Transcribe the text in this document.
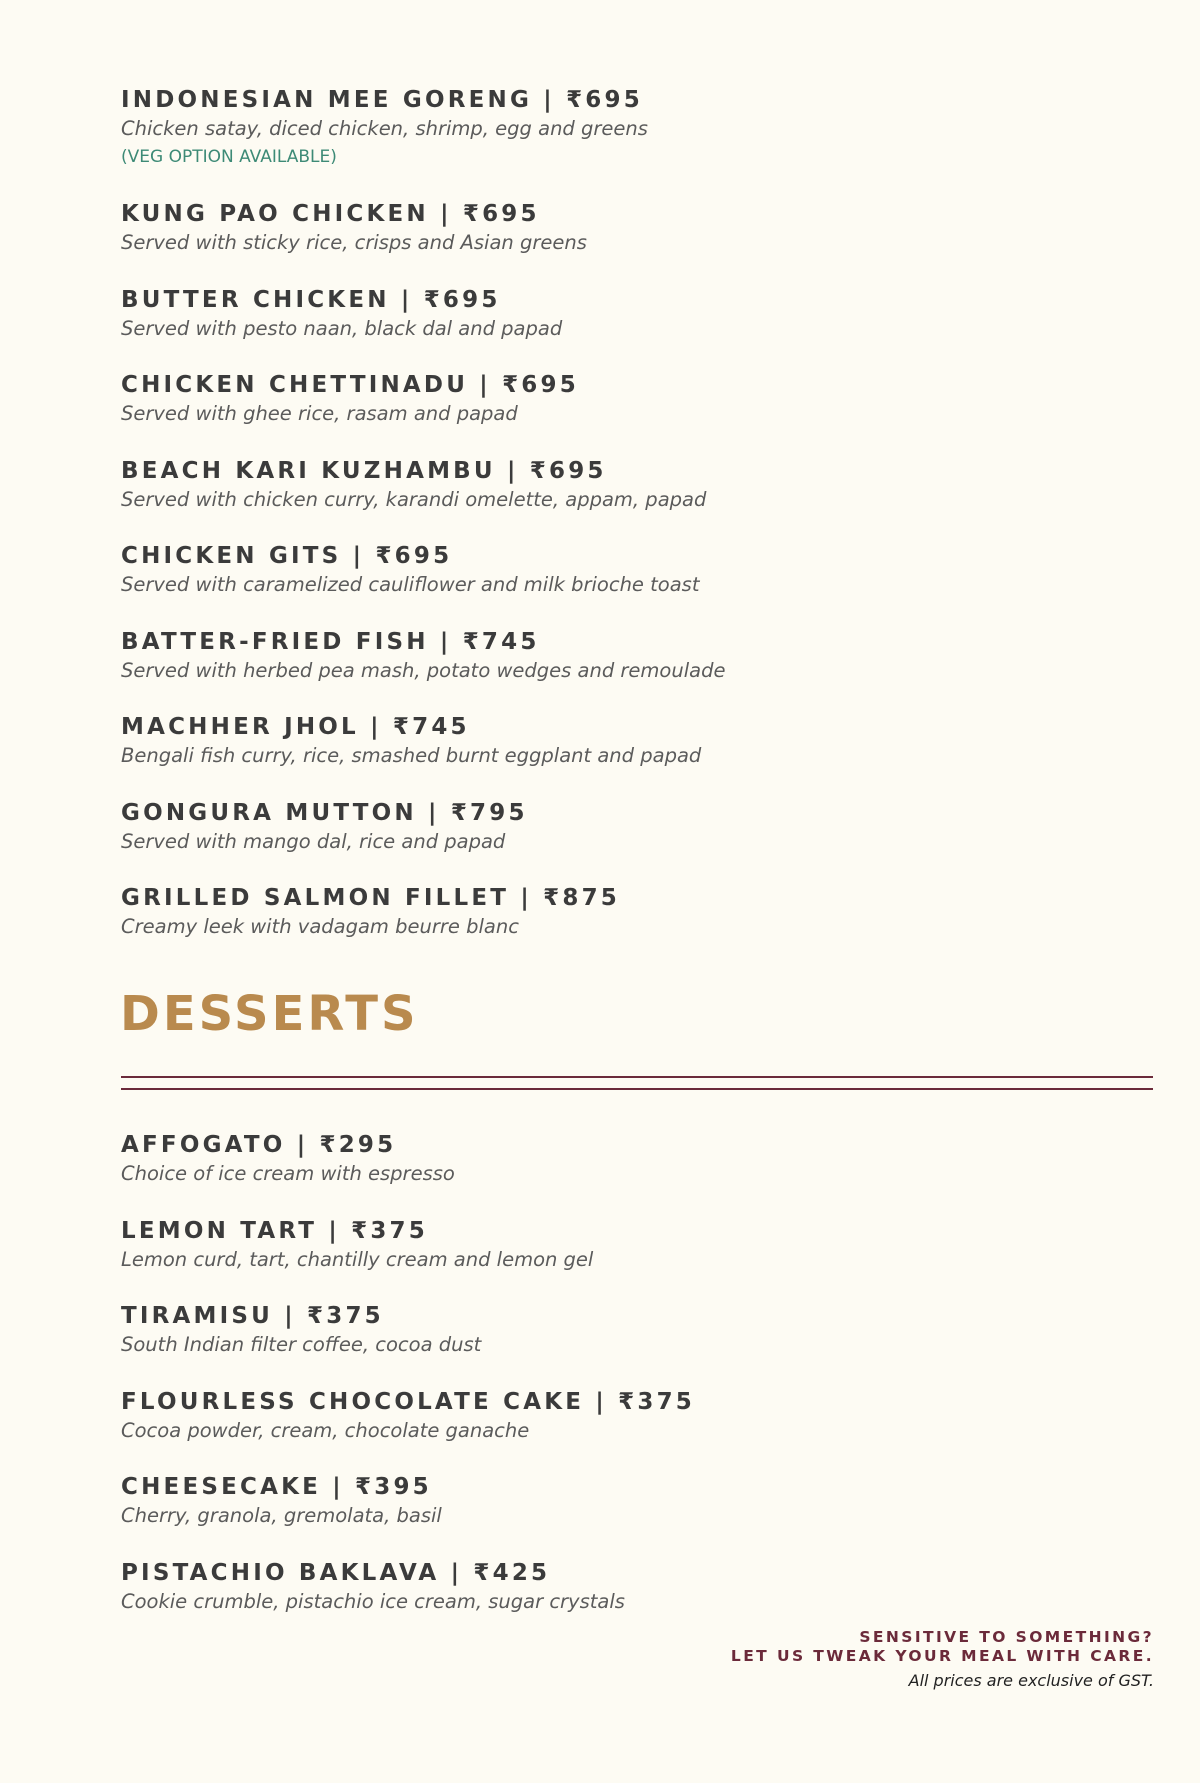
INDONESIAN MEE GORENG | ₹695
Chicken satay, diced chicken, shrimp, egg and greens
(VEG OPTION AVAILABLE)
KUNG PAO CHICKEN | ₹695
Served with sticky rice, crisps and Asian greens
BUTTER CHICKEN | ₹695
Served with pesto naan, black dal and papad
CHICKEN CHETTINADU | ₹695
Served with ghee rice, rasam and papad
BEACH KARI KUZHAMBU | ₹695
Served with chicken curry, karandi omelette, appam, papad
CHICKEN GITS | ₹695
Served with caramelized cauliflower and milk brioche toast
BATTER-FRIED FISH | ₹745
Served with herbed pea mash, potato wedges and remoulade
MACHHER JHOL | ₹745
Bengali fish curry, rice, smashed burnt eggplant and papad
GONGURA MUTTON | ₹795
Served with mango dal, rice and papad
GRILLED SALMON FILLET | ₹875
Creamy leek with vadagam beurre blanc
DESSERTS
AFFOGATO | ₹295
Choice of ice cream with espresso
LEMON TART | ₹375
Lemon curd, tart, chantilly cream and lemon gel
TIRAMISU | ₹375
South Indian filter coffee, cocoa dust
FLOURLESS CHOCOLATE CAKE | ₹375
Cocoa powder, cream, chocolate ganache
CHEESECAKE | ₹395
Cherry, granola, gremolata, basil
PISTACHIO BAKLAVA | ₹425
Cookie crumble, pistachio ice cream, sugar crystals
SENSITIVE TO SOMETHING?
LET US TWEAK YOUR MEAL WITH CARE.
All prices are exclusive of GST.
